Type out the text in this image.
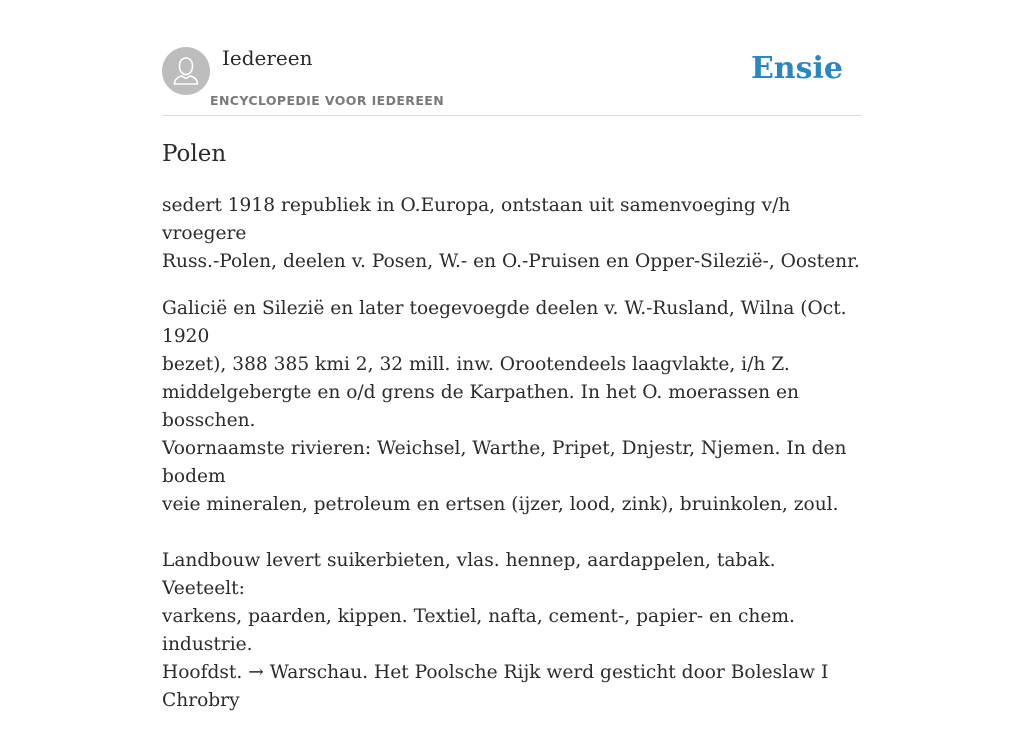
Iedereen
ENCYCLOPEDIE VOOR IEDEREEN
Ensie
Polen

sedert 1918 republiek in O.Europa, ontstaan uit samenvoeging v/h vroegere
Russ.-Polen, deelen v. Posen, W.- en O.-Pruisen en Opper-Silezië-, Oostenr.

Galicië en Silezië en later toegevoegde deelen v. W.-Rusland, Wilna (Oct. 1920
bezet), 388 385 kmi 2, 32 mill. inw. Orootendeels laagvlakte, i/h Z.
middelgebergte en o/d grens de Karpathen. In het O. moerassen en bosschen.
Voornaamste rivieren: Weichsel, Warthe, Pripet, Dnjestr, Njemen. In den bodem
veie mineralen, petroleum en ertsen (ijzer, lood, zink), bruinkolen, zoul.

Landbouw levert suikerbieten, vlas. hennep, aardappelen, tabak. Veeteelt:
varkens, paarden, kippen. Textiel, nafta, cement-, papier- en chem. industrie.
Hoofdst. → Warschau. Het Poolsche Rijk werd gesticht door Boleslaw I Chrobry
